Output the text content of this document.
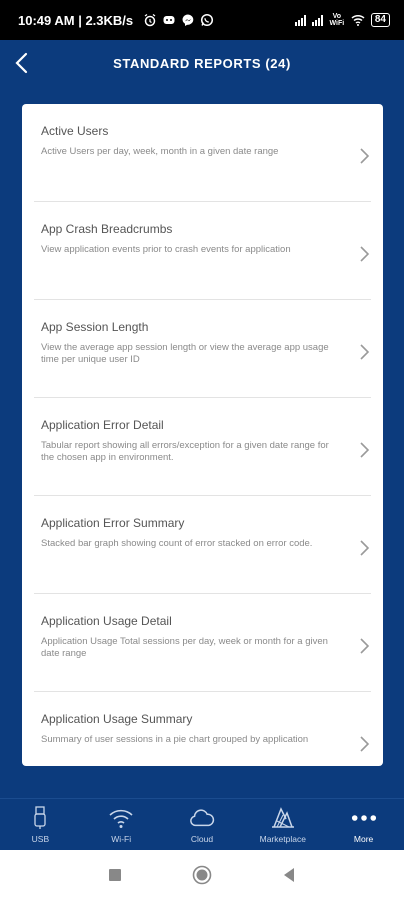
10:49 AM | 2.3KB/s	Vo WiFi	84
STANDARD REPORTS (24)
Active Users
Active Users per day, week, month in a given date range
App Crash Breadcrumbs
View application events prior to crash events for application
App Session Length
View the average app session length or view the average app usage time per unique user ID
Application Error Detail
Tabular report showing all errors/exception for a given date range for the chosen app in environment.
Application Error Summary
Stacked bar graph showing count of error stacked on error code.
Application Usage Detail
Application Usage Total sessions per day, week or month for a given date range
Application Usage Summary
Summary of user sessions in a pie chart grouped by application
USB	Wi-Fi	Cloud	Marketplace	More
